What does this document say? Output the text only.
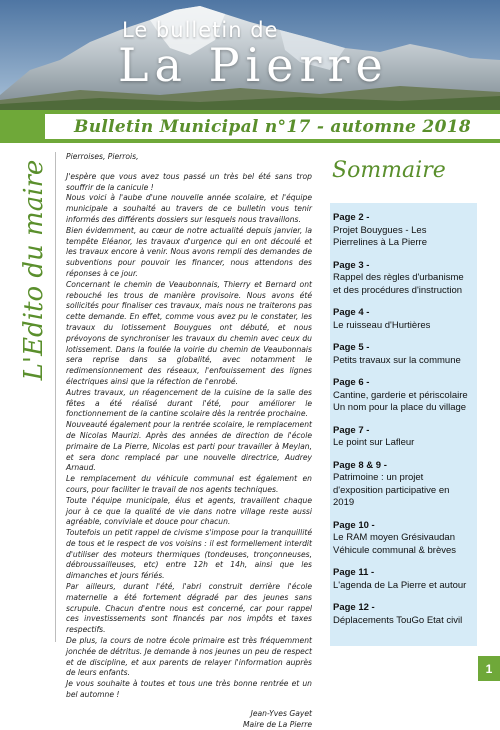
Le bulletin de
La Pierre
Bulletin Municipal n°17 - automne 2018
L'Edito du maire

Pierroises, Pierrois,

J'espère que vous avez tous passé un très bel été sans trop souffrir de la canicule !

Nous voici à l'aube d'une nouvelle année scolaire, et l'équipe municipale a souhaité au travers de ce bulletin vous tenir informés des différents dossiers sur lesquels nous travaillons.

Bien évidemment, au cœur de notre actualité depuis janvier, la tempête Eléanor, les travaux d'urgence qui en ont découlé et les travaux encore à venir. Nous avons rempli des demandes de subventions pour pouvoir les financer, nous attendons des réponses à ce jour.

Concernant le chemin de Veaubonnais, Thierry et Bernard ont rebouché les trous de manière provisoire. Nous avons été sollicités pour finaliser ces travaux, mais nous ne traiterons pas cette demande. En effet, comme vous avez pu le constater, les travaux du lotissement Bouygues ont débuté, et nous prévoyons de synchroniser les travaux du chemin avec ceux du lotissement. Dans la foulée la voirie du chemin de Veaubonnais sera reprise dans sa globalité, avec notamment le redimensionnement des réseaux, l'enfouissement des lignes électriques ainsi que la réfection de l'enrobé.

Autres travaux, un réagencement de la cuisine de la salle des fêtes a été réalisé durant l'été, pour améliorer le fonctionnement de la cantine scolaire dès la rentrée prochaine.

Nouveauté également pour la rentrée scolaire, le remplacement de Nicolas Maurizi. Après des années de direction de l'école primaire de La Pierre, Nicolas est parti pour travailler à Meylan, et sera donc remplacé par une nouvelle directrice, Audrey Arnaud.

Le remplacement du véhicule communal est également en cours, pour faciliter le travail de nos agents techniques.

Toute l'équipe municipale, élus et agents, travaillent chaque jour à ce que la qualité de vie dans notre village reste aussi agréable, conviviale et douce pour chacun.

Toutefois un petit rappel de civisme s'impose pour la tranquillité de tous et le respect de vos voisins : il est formellement interdit d'utiliser des moteurs thermiques (tondeuses, tronçonneuses, débroussailleuses, etc) entre 12h et 14h, ainsi que les dimanches et jours fériés.

Par ailleurs, durant l'été, l'abri construit derrière l'école maternelle a été fortement dégradé par des jeunes sans scrupule. Chacun d'entre nous est concerné, car pour rappel ces investissements sont financés par nos impôts et taxes respectifs.

De plus, la cours de notre école primaire est très fréquemment jonchée de détritus. Je demande à nos jeunes un peu de respect et de discipline, et aux parents de relayer l'information auprès de leurs enfants.

Je vous souhaite à toutes et tous une très bonne rentrée et un bel automne !

Jean-Yves Gayet

Maire de La Pierre

Sommaire
Page 2 -
Projet Bouygues - Les Pierrelines à La Pierre
Page 3 -
Rappel des règles d'urbanisme et des procédures d'instruction
Page 4 -
Le ruisseau d'Hurtières
Page 5 -
Petits travaux sur la commune
Page 6 -
Cantine, garderie et périscolaire Un nom pour la place du village
Page 7 -
Le point sur Lafleur
Page 8 & 9 -
Patrimoine : un projet d'exposition participative en 2019
Page 10 -
Le RAM moyen Grésivaudan Véhicule communal & brèves
Page 11 -
L'agenda de La Pierre et autour
Page 12 -
Déplacements TouGo Etat civil
1
